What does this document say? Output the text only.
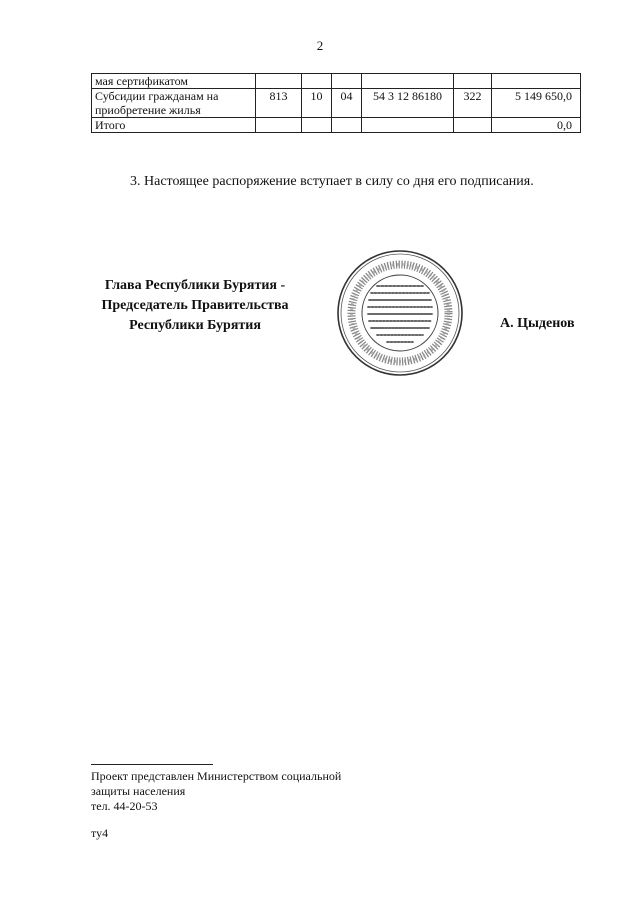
2
мая сертификатом						
Субсидии гражданам на приобретение жилья	813	10	04	54 3 12 86180	322	5 149 650,0
Итого						0,0
3. Настоящее распоряжение вступает в силу со дня его подписания.
Глава Республики Бурятия -
Председатель Правительства
Республики Бурятия	А. Цыденов
Проект представлен Министерством социальной
защиты населения
тел. 44-20-53
ту4
